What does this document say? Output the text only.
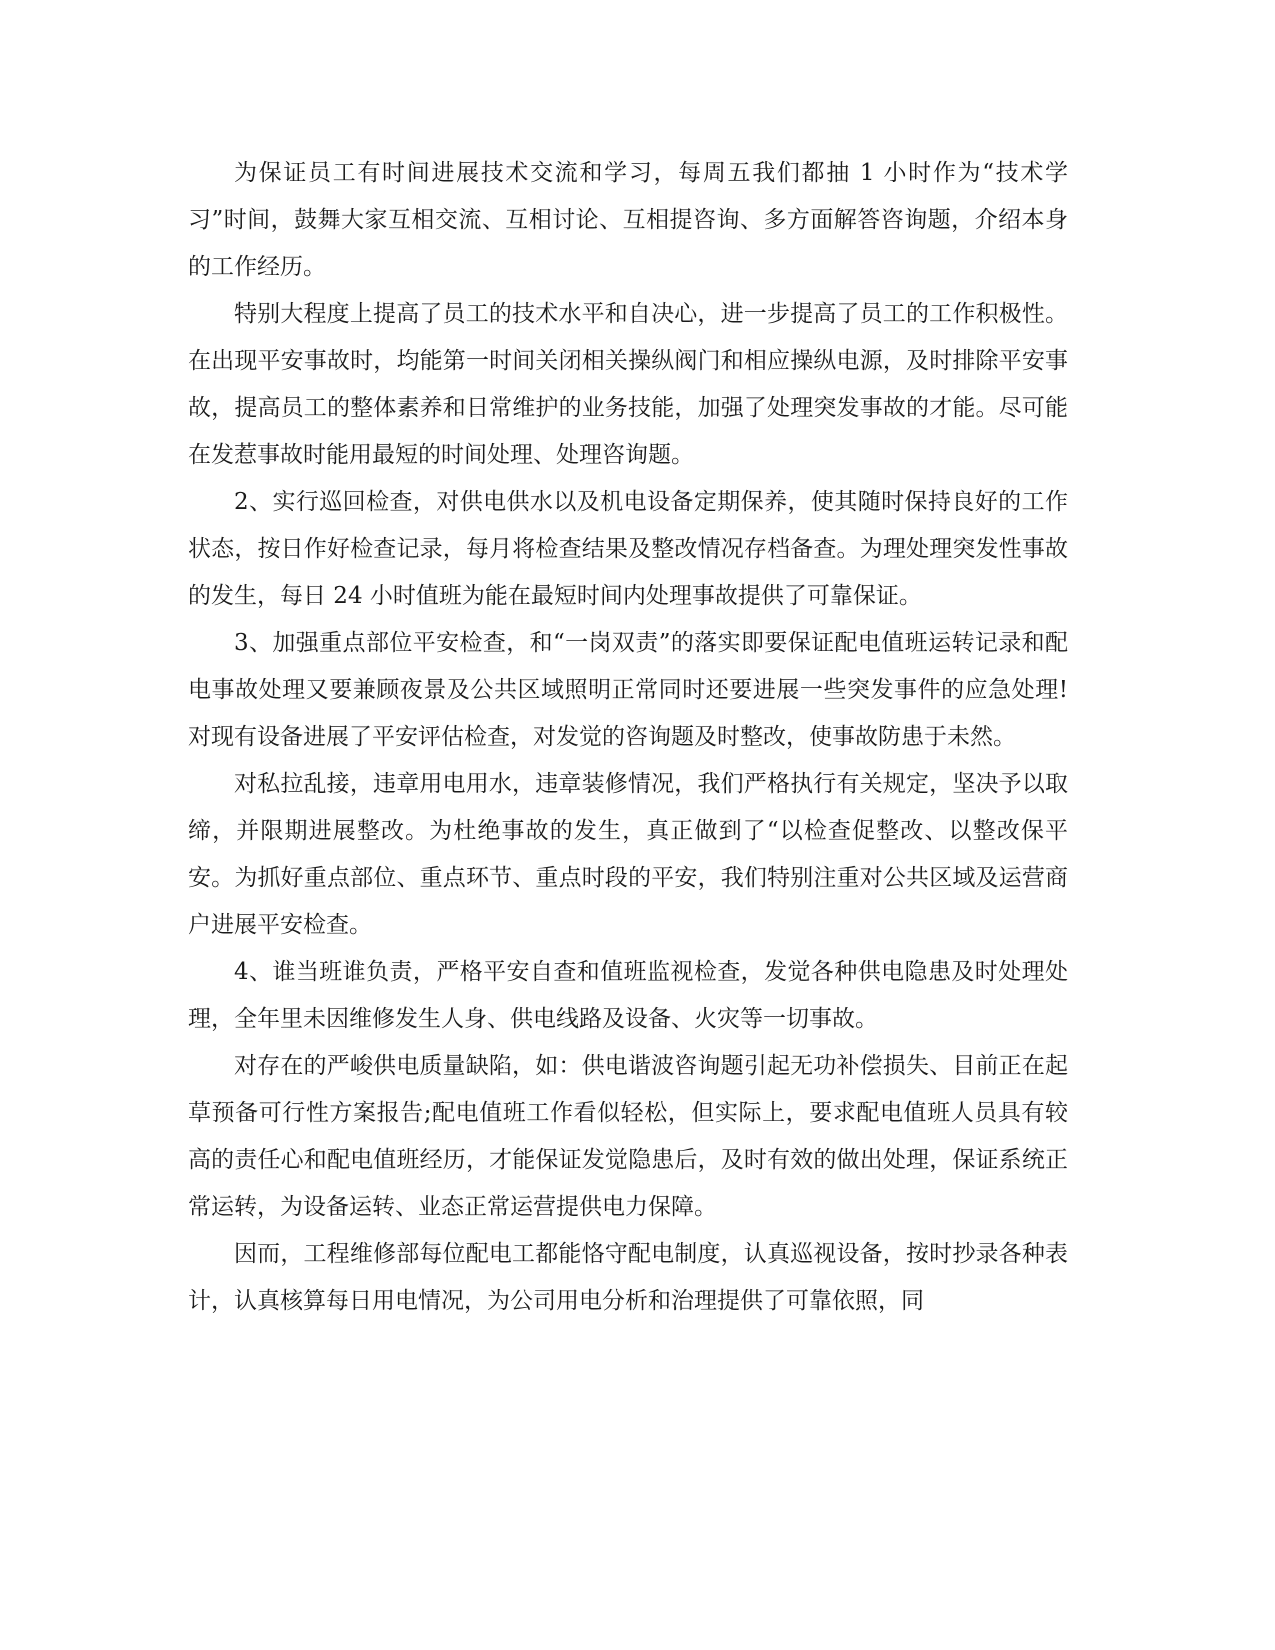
为保证员工有时间进展技术交流和学习，每周五我们都抽 1 小时作为“技术学习”时间，鼓舞大家互相交流、互相讨论、互相提咨询、多方面解答咨询题，介绍本身的工作经历。

特别大程度上提高了员工的技术水平和自决心，进一步提高了员工的工作积极性。在出现平安事故时，均能第一时间关闭相关操纵阀门和相应操纵电源，及时排除平安事故，提高员工的整体素养和日常维护的业务技能，加强了处理突发事故的才能。尽可能在发惹事故时能用最短的时间处理、处理咨询题。

2、实行巡回检查，对供电供水以及机电设备定期保养，使其随时保持良好的工作状态，按日作好检查记录，每月将检查结果及整改情况存档备查。为理处理突发性事故的发生，每日 24 小时值班为能在最短时间内处理事故提供了可靠保证。

3、加强重点部位平安检查，和“一岗双责”的落实即要保证配电值班运转记录和配电事故处理又要兼顾夜景及公共区域照明正常同时还要进展一些突发事件的应急处理!对现有设备进展了平安评估检查，对发觉的咨询题及时整改，使事故防患于未然。

对私拉乱接，违章用电用水，违章装修情况，我们严格执行有关规定，坚决予以取缔，并限期进展整改。为杜绝事故的发生，真正做到了“以检查促整改、以整改保平安。为抓好重点部位、重点环节、重点时段的平安，我们特别注重对公共区域及运营商户进展平安检查。

4、谁当班谁负责，严格平安自查和值班监视检查，发觉各种供电隐患及时处理处理，全年里未因维修发生人身、供电线路及设备、火灾等一切事故。

对存在的严峻供电质量缺陷，如：供电谐波咨询题引起无功补偿损失、目前正在起草预备可行性方案报告;配电值班工作看似轻松，但实际上，要求配电值班人员具有较高的责任心和配电值班经历，才能保证发觉隐患后，及时有效的做出处理，保证系统正常运转，为设备运转、业态正常运营提供电力保障。

因而，工程维修部每位配电工都能恪守配电制度，认真巡视设备，按时抄录各种表计，认真核算每日用电情况，为公司用电分析和治理提供了可靠依照，同
